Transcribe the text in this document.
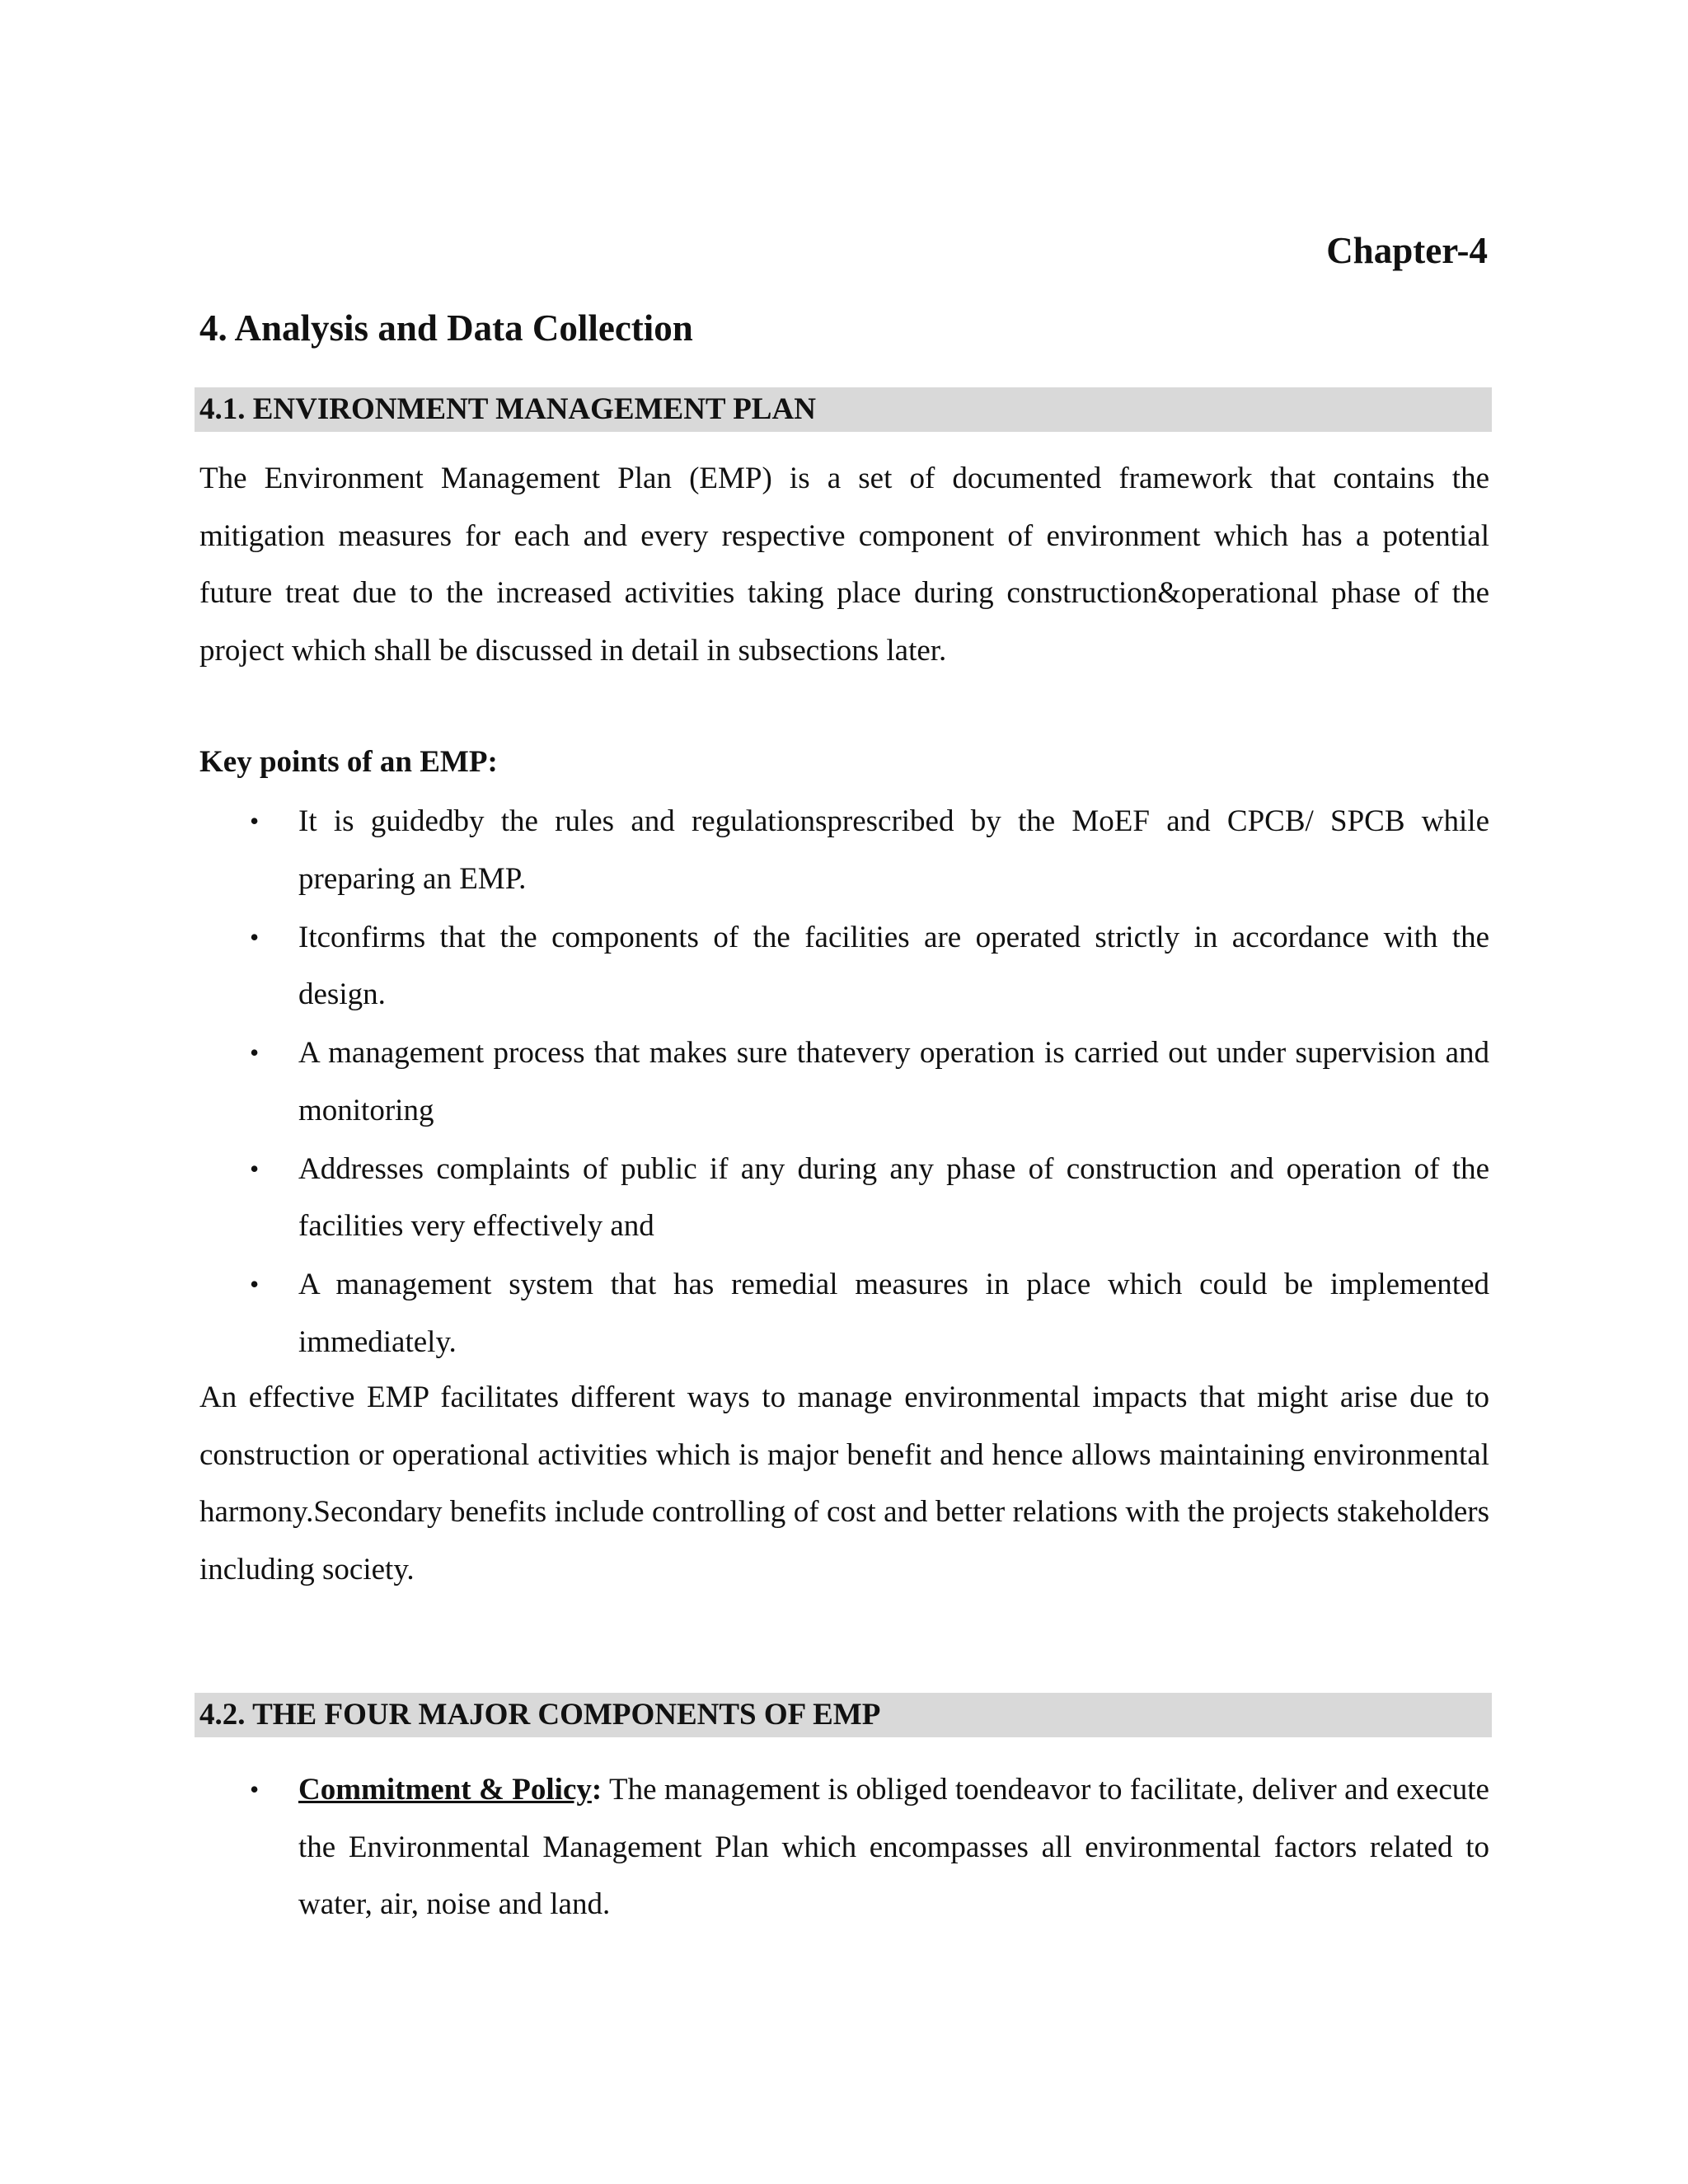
Chapter-4
4. Analysis and Data Collection
4.1. ENVIRONMENT MANAGEMENT PLAN

The Environment Management Plan (EMP) is a set of documented framework that contains the mitigation measures for each and every respective component of environment which has a potential future treat due to the increased activities taking place during construction&operational phase of the project which shall be discussed in detail in subsections later.

Key points of an EMP:
• It is guidedby the rules and regulationsprescribed by the MoEF and CPCB/ SPCB while preparing an EMP.
• Itconfirms that the components of the facilities are operated strictly in accordance with the design.
• A management process that makes sure thatevery operation is carried out under supervision and monitoring
• Addresses complaints of public if any during any phase of construction and operation of the facilities very effectively and
• A management system that has remedial measures in place which could be implemented immediately.

An effective EMP facilitates different ways to manage environmental impacts that might arise due to construction or operational activities which is major benefit and hence allows maintaining environmental harmony.Secondary benefits include controlling of cost and better relations with the projects stakeholders including society.

4.2. THE FOUR MAJOR COMPONENTS OF EMP
• Commitment & Policy: The management is obliged toendeavor to facilitate, deliver and execute the Environmental Management Plan which encompasses all environmental factors related to water, air, noise and land.
